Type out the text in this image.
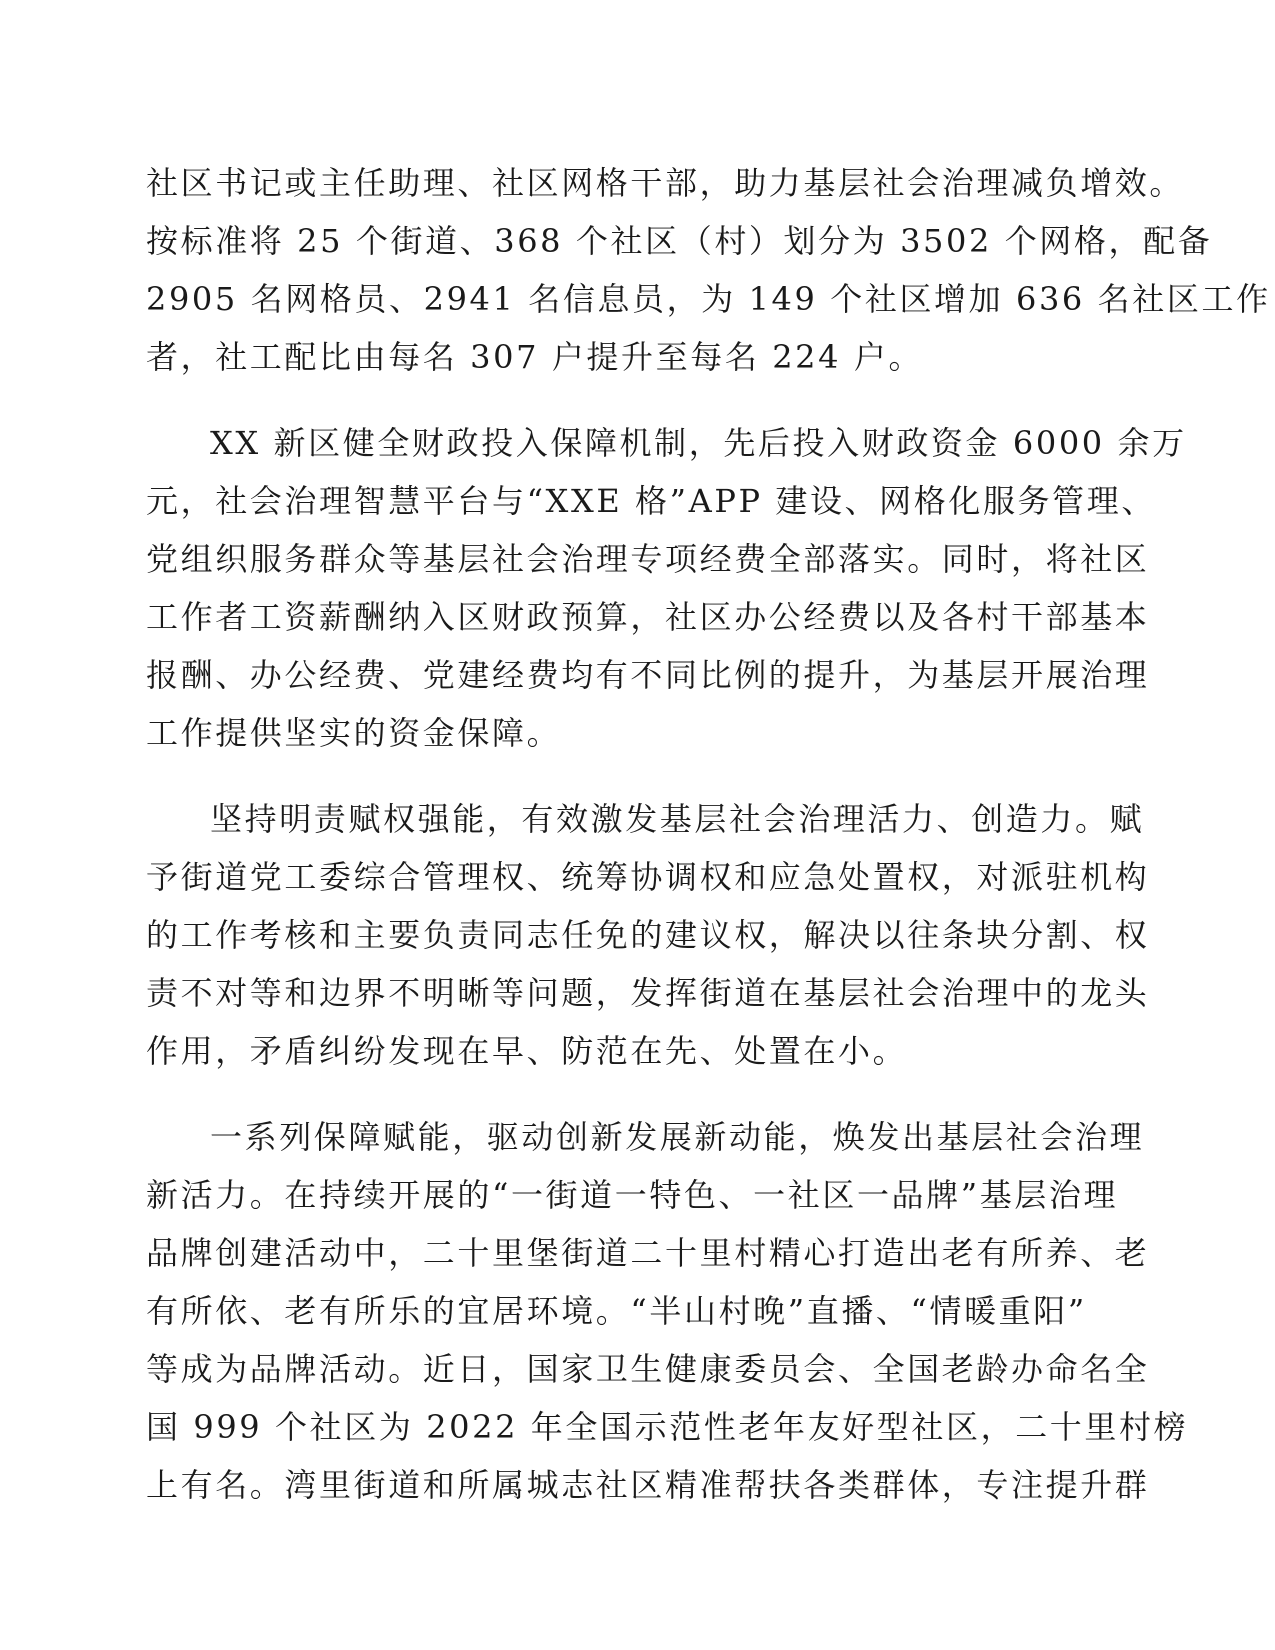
社区书记或主任助理、社区网格干部，助力基层社会治理减负增效。
按标准将 25 个街道、368 个社区（村）划分为 3502 个网格，配备
2905 名网格员、2941 名信息员，为 149 个社区增加 636 名社区工作
者，社工配比由每名 307 户提升至每名 224 户。
XX 新区健全财政投入保障机制，先后投入财政资金 6000 余万
元，社会治理智慧平台与“XXE 格”APP 建设、网格化服务管理、
党组织服务群众等基层社会治理专项经费全部落实。同时，将社区
工作者工资薪酬纳入区财政预算，社区办公经费以及各村干部基本
报酬、办公经费、党建经费均有不同比例的提升，为基层开展治理
工作提供坚实的资金保障。
坚持明责赋权强能，有效激发基层社会治理活力、创造力。赋
予街道党工委综合管理权、统筹协调权和应急处置权，对派驻机构
的工作考核和主要负责同志任免的建议权，解决以往条块分割、权
责不对等和边界不明晰等问题，发挥街道在基层社会治理中的龙头
作用，矛盾纠纷发现在早、防范在先、处置在小。
一系列保障赋能，驱动创新发展新动能，焕发出基层社会治理
新活力。在持续开展的“一街道一特色、一社区一品牌”基层治理
品牌创建活动中，二十里堡街道二十里村精心打造出老有所养、老
有所依、老有所乐的宜居环境。“半山村晚”直播、“情暖重阳”
等成为品牌活动。近日，国家卫生健康委员会、全国老龄办命名全
国 999 个社区为 2022 年全国示范性老年友好型社区，二十里村榜
上有名。湾里街道和所属城志社区精准帮扶各类群体，专注提升群
